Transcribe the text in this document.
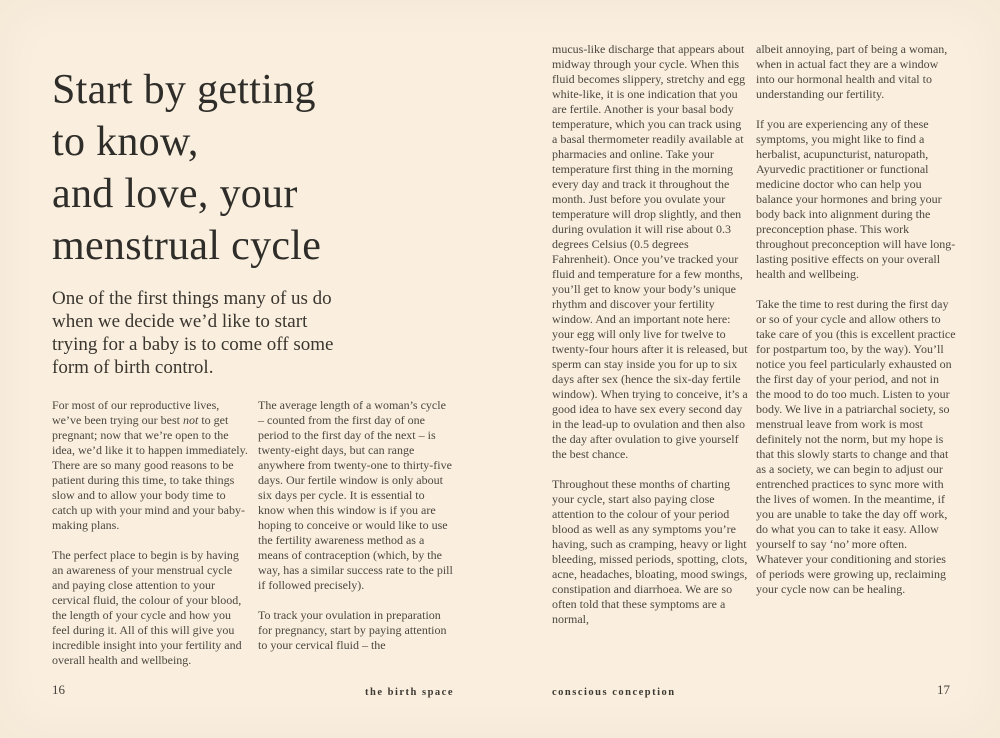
Start by getting
to know,
and love, your
menstrual cycle
One of the first things many of us do when we decide we’d like to start trying for a baby is to come off some form of birth control.

For most of our reproductive lives, we’ve been trying our best not to get pregnant; now that we’re open to the idea, we’d like it to happen immediately. There are so many good reasons to be patient during this time, to take things slow and to allow your body time to catch up with your mind and your baby-making plans.

The perfect place to begin is by having an awareness of your menstrual cycle and paying close attention to your cervical fluid, the colour of your blood, the length of your cycle and how you feel during it. All of this will give you incredible insight into your fertility and overall health and wellbeing.

The average length of a woman’s cycle – counted from the first day of one period to the first day of the next – is twenty-eight days, but can range anywhere from twenty-one to thirty-five days. Our fertile window is only about six days per cycle. It is essential to know when this window is if you are hoping to conceive or would like to use the fertility awareness method as a means of contraception (which, by the way, has a similar success rate to the pill if followed precisely).

To track your ovulation in preparation for pregnancy, start by paying attention to your cervical fluid – the

mucus-like discharge that appears about midway through your cycle. When this fluid becomes slippery, stretchy and egg white-like, it is one indication that you are fertile. Another is your basal body temperature, which you can track using a basal thermometer readily available at pharmacies and online. Take your temperature first thing in the morning every day and track it throughout the month. Just before you ovulate your temperature will drop slightly, and then during ovulation it will rise about 0.3 degrees Celsius (0.5 degrees Fahrenheit). Once you’ve tracked your fluid and temperature for a few months, you’ll get to know your body’s unique rhythm and discover your fertility window. And an important note here: your egg will only live for twelve to twenty-four hours after it is released, but sperm can stay inside you for up to six days after sex (hence the six-day fertile window). When trying to conceive, it’s a good idea to have sex every second day in the lead-up to ovulation and then also the day after ovulation to give yourself the best chance.

Throughout these months of charting your cycle, start also paying close attention to the colour of your period blood as well as any symptoms you’re having, such as cramping, heavy or light bleeding, missed periods, spotting, clots, acne, headaches, bloating, mood swings, constipation and diarrhoea. We are so often told that these symptoms are a normal,

albeit annoying, part of being a woman, when in actual fact they are a window into our hormonal health and vital to understanding our fertility.

If you are experiencing any of these symptoms, you might like to find a herbalist, acupuncturist, naturopath, Ayurvedic practitioner or functional medicine doctor who can help you balance your hormones and bring your body back into alignment during the preconception phase. This work throughout preconception will have long-lasting positive effects on your overall health and wellbeing.

Take the time to rest during the first day or so of your cycle and allow others to take care of you (this is excellent practice for postpartum too, by the way). You’ll notice you feel particularly exhausted on the first day of your period, and not in the mood to do too much. Listen to your body. We live in a patriarchal society, so menstrual leave from work is most definitely not the norm, but my hope is that this slowly starts to change and that as a society, we can begin to adjust our entrenched practices to sync more with the lives of women. In the meantime, if you are unable to take the day off work, do what you can to take it easy. Allow yourself to say ‘no’ more often. Whatever your conditioning and stories of periods were growing up, reclaiming your cycle now can be healing.

16	the birth space	conscious conception	17
